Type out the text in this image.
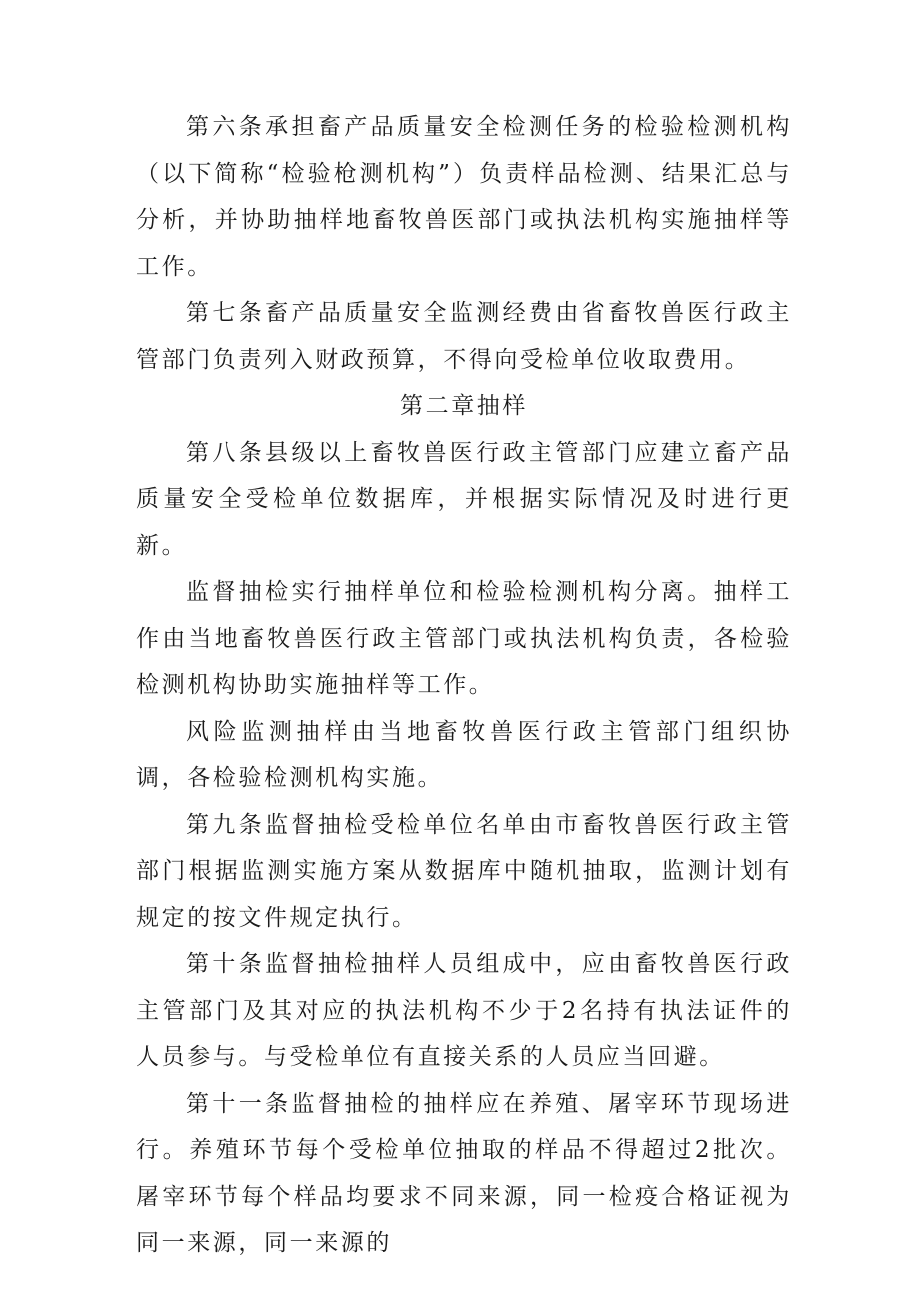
第六条承担畜产品质量安全检测任务的检验检测机构（以下简称“检验枪测机构”）负责样品检测、结果汇总与分析，并协助抽样地畜牧兽医部门或执法机构实施抽样等工作。

第七条畜产品质量安全监测经费由省畜牧兽医行政主管部门负责列入财政预算，不得向受检单位收取费用。

第二章抽样

第八条县级以上畜牧兽医行政主管部门应建立畜产品质量安全受检单位数据库，并根据实际情况及时进行更新。

监督抽检实行抽样单位和检验检测机构分离。抽样工作由当地畜牧兽医行政主管部门或执法机构负责，各检验检测机构协助实施抽样等工作。

风险监测抽样由当地畜牧兽医行政主管部门组织协调，各检验检测机构实施。

第九条监督抽检受检单位名单由市畜牧兽医行政主管部门根据监测实施方案从数据库中随机抽取，监测计划有规定的按文件规定执行。

第十条监督抽检抽样人员组成中，应由畜牧兽医行政主管部门及其对应的执法机构不少于2名持有执法证件的人员参与。与受检单位有直接关系的人员应当回避。

第十一条监督抽检的抽样应在养殖、屠宰环节现场进行。养殖环节每个受检单位抽取的样品不得超过2批次。屠宰环节每个样品均要求不同来源，同一检疫合格证视为同一来源，同一来源的
